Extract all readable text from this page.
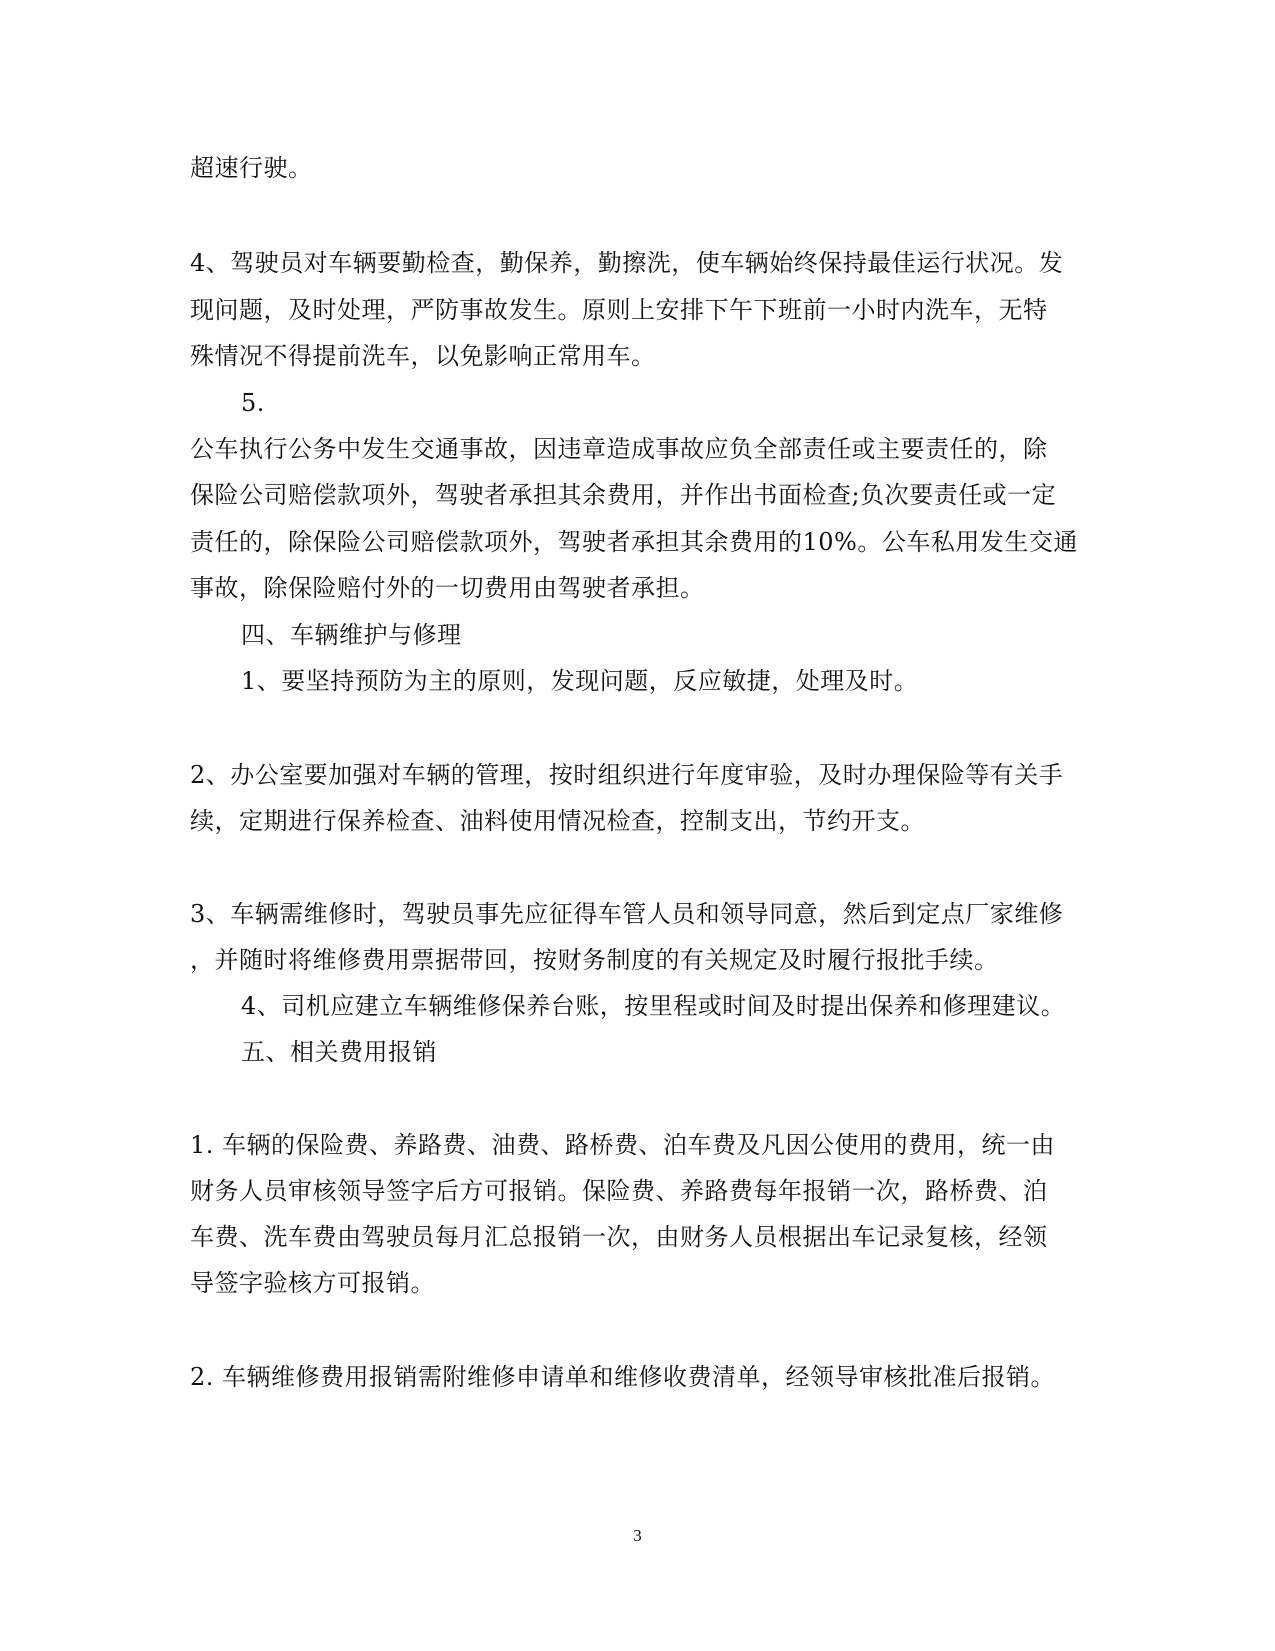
超速行驶。
4、驾驶员对车辆要勤检查，勤保养，勤擦洗，使车辆始终保持最佳运行状况。发
现问题，及时处理，严防事故发生。原则上安排下午下班前一小时内洗车，无特
殊情况不得提前洗车，以免影响正常用车。
5.
公车执行公务中发生交通事故，因违章造成事故应负全部责任或主要责任的，除
保险公司赔偿款项外，驾驶者承担其余费用，并作出书面检查;负次要责任或一定
责任的，除保险公司赔偿款项外，驾驶者承担其余费用的10%。公车私用发生交通
事故，除保险赔付外的一切费用由驾驶者承担。
四、车辆维护与修理
1、要坚持预防为主的原则，发现问题，反应敏捷，处理及时。
2、办公室要加强对车辆的管理，按时组织进行年度审验，及时办理保险等有关手
续，定期进行保养检查、油料使用情况检查，控制支出，节约开支。
3、车辆需维修时，驾驶员事先应征得车管人员和领导同意，然后到定点厂家维修
，并随时将维修费用票据带回，按财务制度的有关规定及时履行报批手续。
4、司机应建立车辆维修保养台账，按里程或时间及时提出保养和修理建议。
五、相关费用报销
1. 车辆的保险费、养路费、油费、路桥费、泊车费及凡因公使用的费用，统一由
财务人员审核领导签字后方可报销。保险费、养路费每年报销一次，路桥费、泊
车费、洗车费由驾驶员每月汇总报销一次，由财务人员根据出车记录复核，经领
导签字验核方可报销。
2. 车辆维修费用报销需附维修申请单和维修收费清单，经领导审核批准后报销。
3
